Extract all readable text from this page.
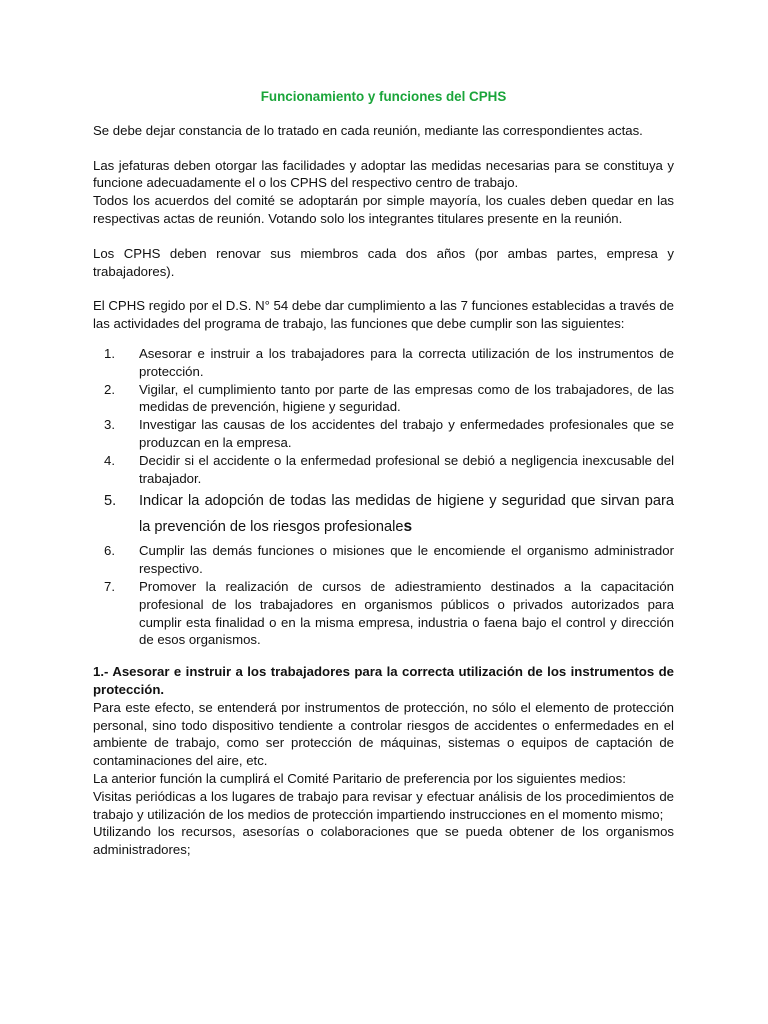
Funcionamiento y funciones del CPHS

Se debe dejar constancia de lo tratado en cada reunión, mediante las correspondientes actas.

Las jefaturas deben otorgar las facilidades y adoptar las medidas necesarias para se constituya y funcione adecuadamente el o los CPHS del respectivo centro de trabajo.

Todos los acuerdos del comité se adoptarán por simple mayoría, los cuales deben quedar en las respectivas actas de reunión. Votando solo los integrantes titulares presente en la reunión.

Los CPHS deben renovar sus miembros cada dos años (por ambas partes, empresa y trabajadores).

El CPHS regido por el D.S. N° 54 debe dar cumplimiento a las 7 funciones establecidas a través de las actividades del programa de trabajo, las funciones que debe cumplir son las siguientes:

1. Asesorar e instruir a los trabajadores para la correcta utilización de los instrumentos de protección.
2. Vigilar, el cumplimiento tanto por parte de las empresas como de los trabajadores, de las medidas de prevención, higiene y seguridad.
3. Investigar las causas de los accidentes del trabajo y enfermedades profesionales que se produzcan en la empresa.
4. Decidir si el accidente o la enfermedad profesional se debió a negligencia inexcusable del trabajador.
5. Indicar la adopción de todas las medidas de higiene y seguridad que sirvan para la prevención de los riesgos profesionales
6. Cumplir las demás funciones o misiones que le encomiende el organismo administrador respectivo.
7. Promover la realización de cursos de adiestramiento destinados a la capacitación profesional de los trabajadores en organismos públicos o privados autorizados para cumplir esta finalidad o en la misma empresa, industria o faena bajo el control y dirección de esos organismos.

1.- Asesorar e instruir a los trabajadores para la correcta utilización de los instrumentos de protección.

Para este efecto, se entenderá por instrumentos de protección, no sólo el elemento de protección personal, sino todo dispositivo tendiente a controlar riesgos de accidentes o enfermedades en el ambiente de trabajo, como ser protección de máquinas, sistemas o equipos de captación de contaminaciones del aire, etc.

La anterior función la cumplirá el Comité Paritario de preferencia por los siguientes medios:

Visitas periódicas a los lugares de trabajo para revisar y efectuar análisis de los procedimientos de trabajo y utilización de los medios de protección impartiendo instrucciones en el momento mismo;

Utilizando los recursos, asesorías o colaboraciones que se pueda obtener de los organismos administradores;
